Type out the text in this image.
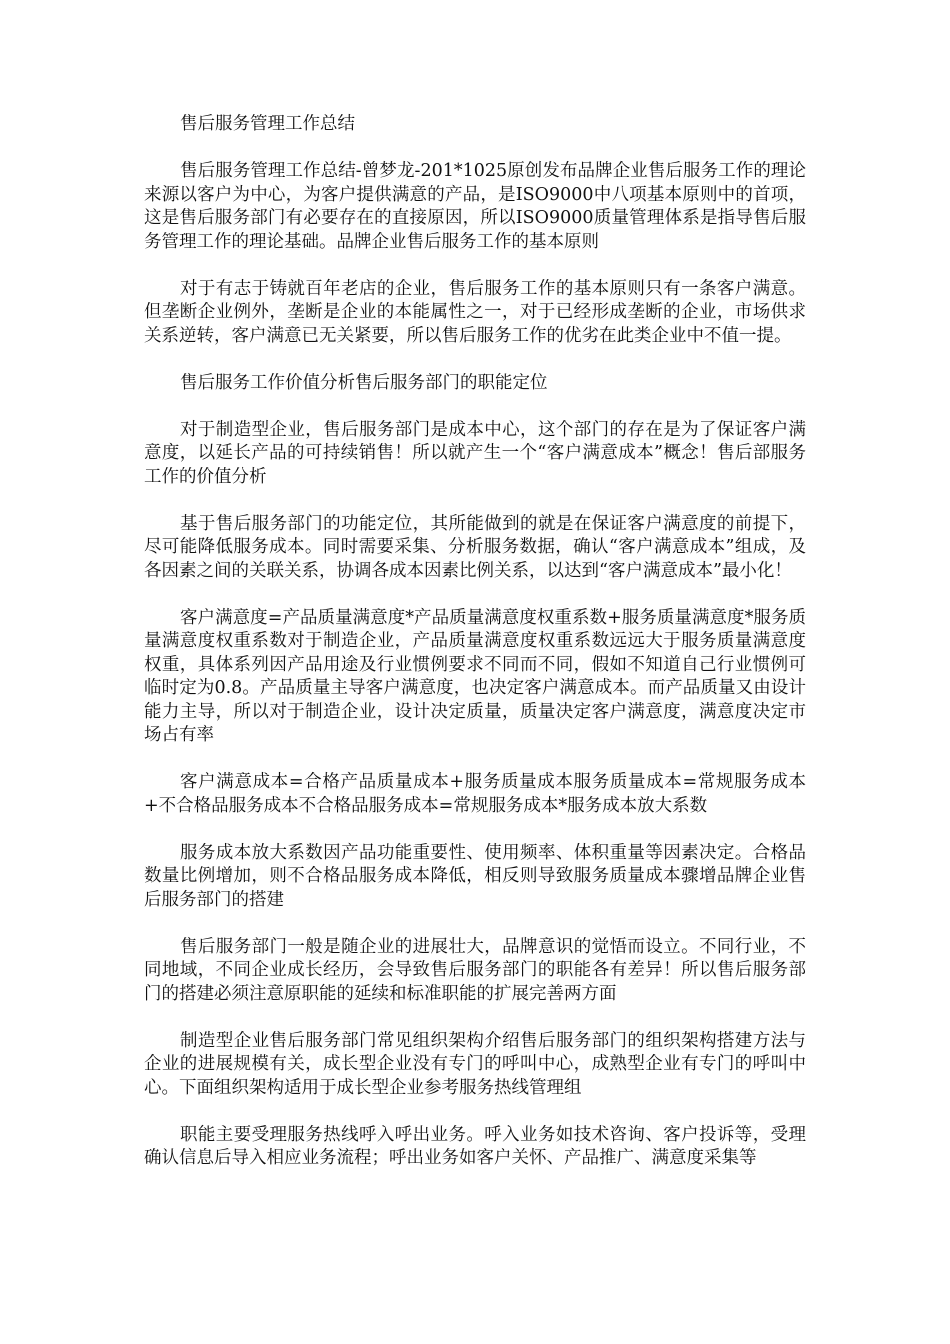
售后服务管理工作总结

售后服务管理工作总结-曾梦龙-201*1025原创发布品牌企业售后服务工作的理论来源以客户为中心，为客户提供满意的产品，是ISO9000中八项基本原则中的首项，这是售后服务部门有必要存在的直接原因，所以ISO9000质量管理体系是指导售后服务管理工作的理论基础。品牌企业售后服务工作的基本原则

对于有志于铸就百年老店的企业，售后服务工作的基本原则只有一条客户满意。但垄断企业例外，垄断是企业的本能属性之一，对于已经形成垄断的企业，市场供求关系逆转，客户满意已无关紧要，所以售后服务工作的优劣在此类企业中不值一提。

售后服务工作价值分析售后服务部门的职能定位

对于制造型企业，售后服务部门是成本中心，这个部门的存在是为了保证客户满意度，以延长产品的可持续销售！所以就产生一个“客户满意成本”概念！售后部服务工作的价值分析

基于售后服务部门的功能定位，其所能做到的就是在保证客户满意度的前提下，尽可能降低服务成本。同时需要采集、分析服务数据，确认“客户满意成本”组成，及各因素之间的关联关系，协调各成本因素比例关系，以达到“客户满意成本”最小化！

客户满意度=产品质量满意度*产品质量满意度权重系数+服务质量满意度*服务质量满意度权重系数对于制造企业，产品质量满意度权重系数远远大于服务质量满意度权重，具体系列因产品用途及行业惯例要求不同而不同，假如不知道自己行业惯例可临时定为0.8。产品质量主导客户满意度，也决定客户满意成本。而产品质量又由设计能力主导，所以对于制造企业，设计决定质量，质量决定客户满意度，满意度决定市场占有率

客户满意成本=合格产品质量成本+服务质量成本服务质量成本=常规服务成本+不合格品服务成本不合格品服务成本=常规服务成本*服务成本放大系数

服务成本放大系数因产品功能重要性、使用频率、体积重量等因素决定。合格品数量比例增加，则不合格品服务成本降低，相反则导致服务质量成本骤增品牌企业售后服务部门的搭建

售后服务部门一般是随企业的进展壮大，品牌意识的觉悟而设立。不同行业，不同地域，不同企业成长经历，会导致售后服务部门的职能各有差异！所以售后服务部门的搭建必须注意原职能的延续和标准职能的扩展完善两方面

制造型企业售后服务部门常见组织架构介绍售后服务部门的组织架构搭建方法与企业的进展规模有关，成长型企业没有专门的呼叫中心，成熟型企业有专门的呼叫中心。下面组织架构适用于成长型企业参考服务热线管理组

职能主要受理服务热线呼入呼出业务。呼入业务如技术咨询、客户投诉等，受理确认信息后导入相应业务流程；呼出业务如客户关怀、产品推广、满意度采集等
